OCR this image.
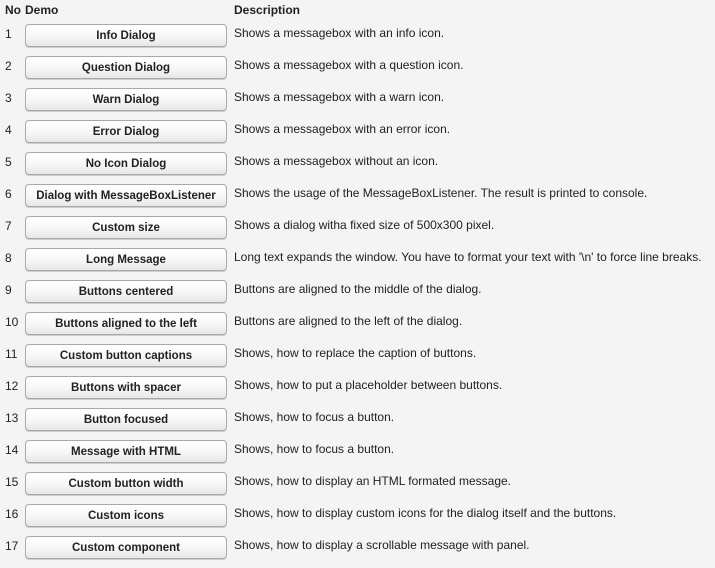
No Demo	Description
1	Info Dialog	Shows a messagebox with an info icon.
2	Question Dialog	Shows a messagebox with a question icon.
3	Warn Dialog	Shows a messagebox with a warn icon.
4	Error Dialog	Shows a messagebox with an error icon.
5	No Icon Dialog	Shows a messagebox without an icon.
6	Dialog with MessageBoxListener	Shows the usage of the MessageBoxListener. The result is printed to console.
7	Custom size	Shows a dialog witha fixed size of 500x300 pixel.
8	Long Message	Long text expands the window. You have to format your text with '\n' to force line breaks.
9	Buttons centered	Buttons are aligned to the middle of the dialog.
10	Buttons aligned to the left	Buttons are aligned to the left of the dialog.
11	Custom button captions	Shows, how to replace the caption of buttons.
12	Buttons with spacer	Shows, how to put a placeholder between buttons.
13	Button focused	Shows, how to focus a button.
14	Message with HTML	Shows, how to focus a button.
15	Custom button width	Shows, how to display an HTML formated message.
16	Custom icons	Shows, how to display custom icons for the dialog itself and the buttons.
17	Custom component	Shows, how to display a scrollable message with panel.
